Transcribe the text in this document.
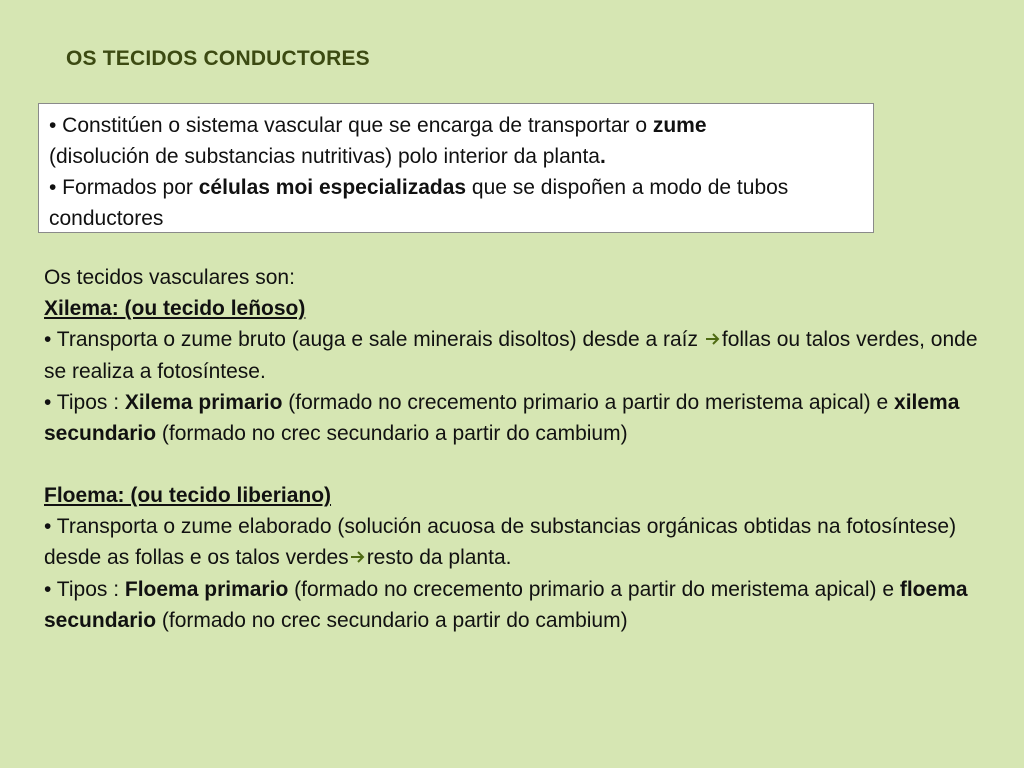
OS TECIDOS CONDUCTORES

• Constitúen o sistema vascular que se encarga de transportar o zume
(disolución de substancias nutritivas) polo interior da planta.

• Formados por células moi especializadas que se dispoñen a modo de tubos conductores

Os tecidos vasculares son:

Xilema: (ou tecido leñoso)

• Transporta o zume bruto (auga e sale minerais disoltos) desde a raíz follas ou talos verdes, onde se realiza a fotosíntese.

• Tipos : Xilema primario (formado no crecemento primario a partir do meristema apical) e xilema secundario (formado no crec secundario a partir do cambium)

Floema: (ou tecido liberiano)

• Transporta o zume elaborado (solución acuosa de substancias orgánicas obtidas na fotosíntese) desde as follas e os talos verdes resto da planta.

• Tipos : Floema primario (formado no crecemento primario a partir do meristema apical) e floema secundario (formado no crec secundario a partir do cambium)
